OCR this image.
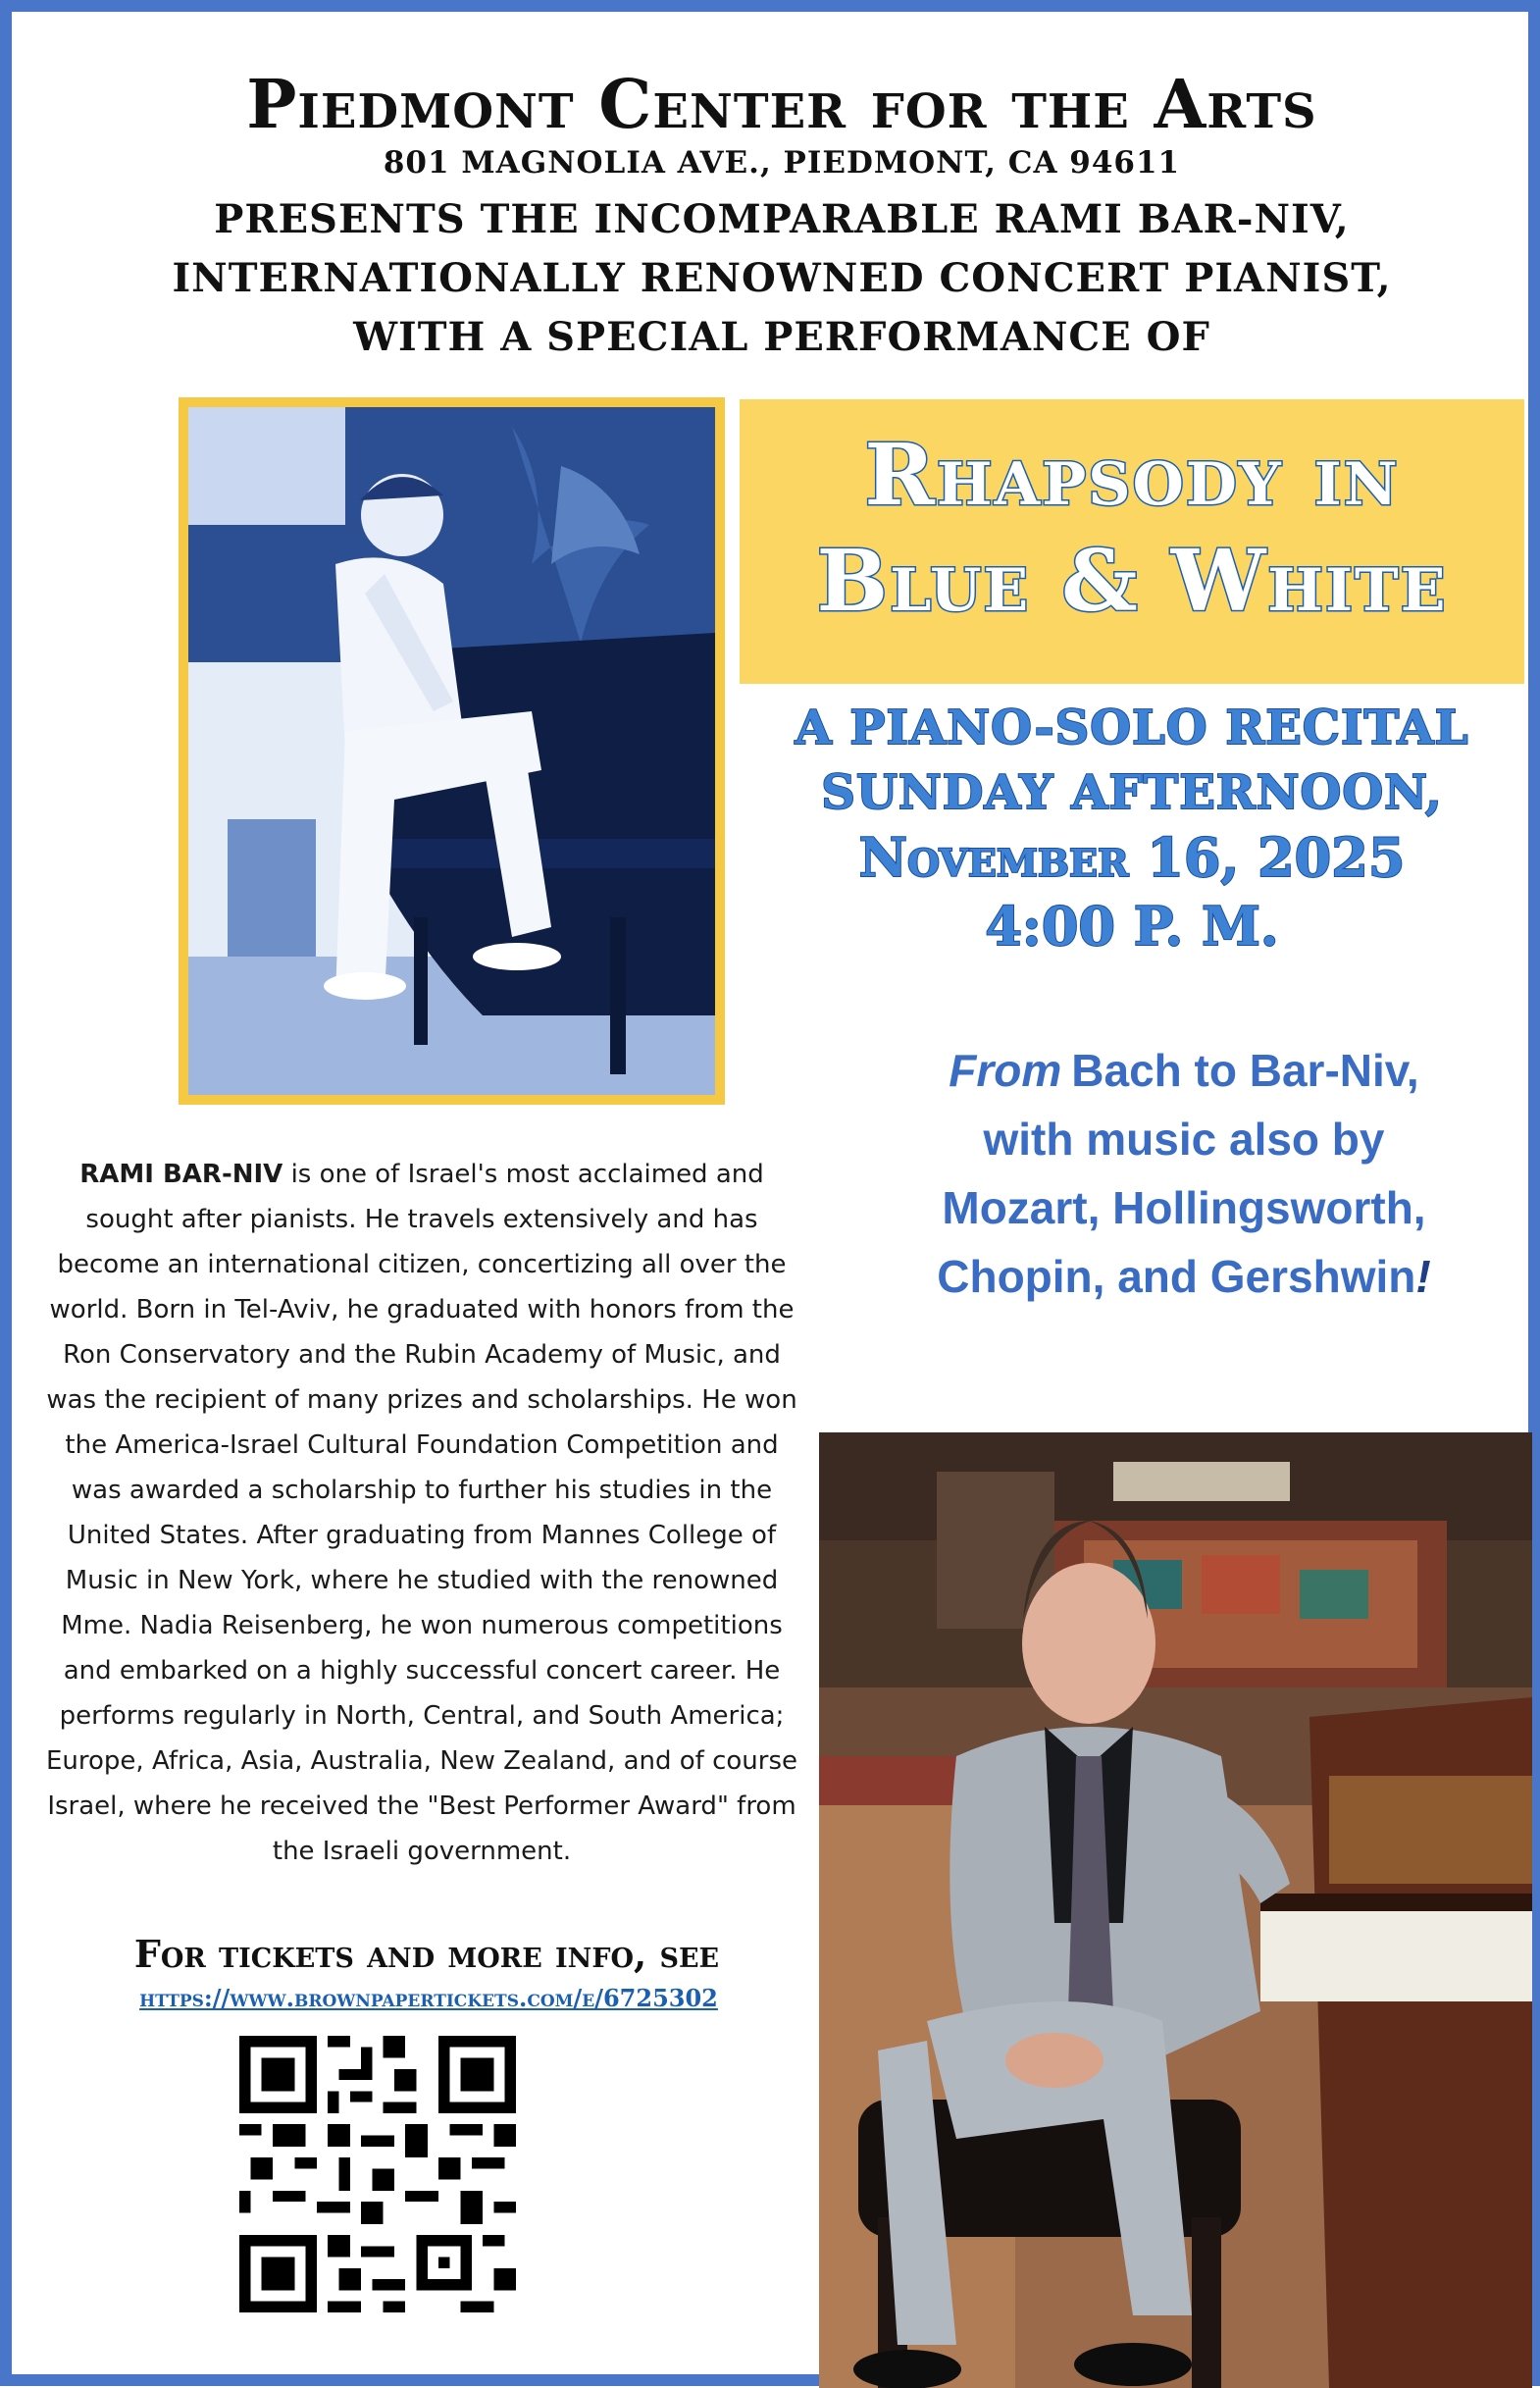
Piedmont Center for the Arts
801 MAGNOLIA AVE., PIEDMONT, CA 94611
PRESENTS THE INCOMPARABLE RAMI BAR-NIV,
INTERNATIONALLY RENOWNED CONCERT PIANIST,
WITH A SPECIAL PERFORMANCE OF
Rhapsody in
Blue & White
A PIANO-SOLO RECITAL
SUNDAY AFTERNOON,
November 16, 2025
4:00 P. M.
From Bach to Bar-Niv,
with music also by
Mozart, Hollingsworth,
Chopin, and Gershwin!

RAMI BAR-NIV is one of Israel's most acclaimed and sought after pianists. He travels extensively and has become an international citizen, concertizing all over the world. Born in Tel-Aviv, he graduated with honors from the Ron Conservatory and the Rubin Academy of Music, and was the recipient of many prizes and scholarships. He won the America-Israel Cultural Foundation Competition and was awarded a scholarship to further his studies in the United States. After graduating from Mannes College of Music in New York, where he studied with the renowned Mme. Nadia Reisenberg, he won numerous competitions and embarked on a highly successful concert career. He performs regularly in North, Central, and South America; Europe, Africa, Asia, Australia, New Zealand, and of course Israel, where he received the "Best Performer Award" from the Israeli government.

For tickets and more info, see
https://www.brownpapertickets.com/e/6725302
